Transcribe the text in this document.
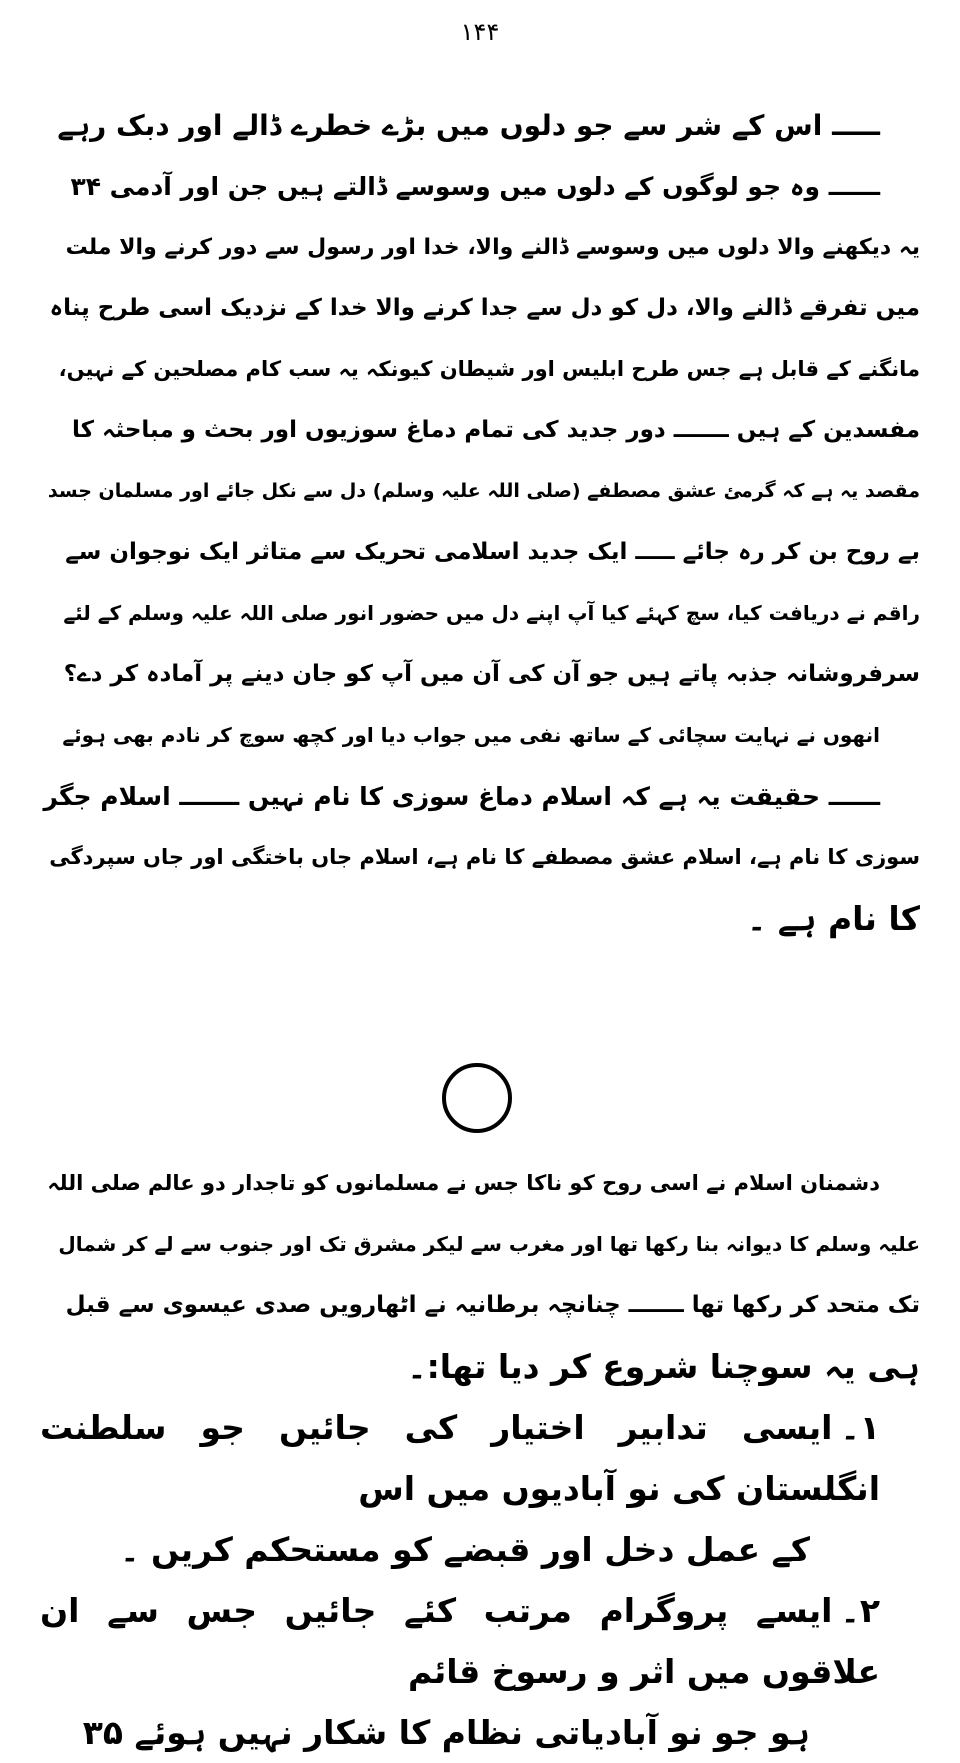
۱۴۴
ـــــ اس کے شر سے جو دلوں میں بڑے خطرے ڈالے اور دبک رہے
ــــــ وہ جو لوگوں کے دلوں میں وسوسے ڈالتے ہیں جن اور آدمی ۳۴
یہ دیکھنے والا دلوں میں وسوسے ڈالنے والا، خدا اور رسول سے دور کرنے والا ملت
میں تفرقے ڈالنے والا، دل کو دل سے جدا کرنے والا خدا کے نزدیک اسی طرح پناہ
مانگنے کے قابل ہے جس طرح ابلیس اور شیطان کیونکہ یہ سب کام مصلحین کے نہیں،
مفسدین کے ہیں ـــــــ دور جدید کی تمام دماغ سوزیوں اور بحث و مباحثہ کا
مقصد یہ ہے کہ گرمئ عشق مصطفے (صلی اللہ علیہ وسلم) دل سے نکل جائے اور مسلمان جسد
بے روح بن کر رہ جائے ـــــ ایک جدید اسلامی تحریک سے متاثر ایک نوجوان سے
راقم نے دریافت کیا، سچ کہئے کیا آپ اپنے دل میں حضور انور صلی اللہ علیہ وسلم کے لئے
سرفروشانہ جذبہ پاتے ہیں جو آن کی آن میں آپ کو جان دینے پر آمادہ کر دے؟
انھوں نے نہایت سچائی کے ساتھ نفی میں جواب دیا اور کچھ سوچ کر نادم بھی ہوئے
ــــــ حقیقت یہ ہے کہ اسلام دماغ سوزی کا نام نہیں ـــــــ اسلام جگر
سوزی کا نام ہے، اسلام عشق مصطفے کا نام ہے، اسلام جاں باختگی اور جاں سپردگی
کا نام ہے ۔
دشمنان اسلام نے اسی روح کو ناکا جس نے مسلمانوں کو تاجدار دو عالم صلی اللہ
علیہ وسلم کا دیوانہ بنا رکھا تھا اور مغرب سے لیکر مشرق تک اور جنوب سے لے کر شمال
تک متحد کر رکھا تھا ـــــــ چنانچہ برطانیہ نے اٹھارویں صدی عیسوی سے قبل
ہی یہ سوچنا شروع کر دیا تھا:۔
۱۔ایسی تدابیر اختیار کی جائیں جو سلطنت انگلستان کی نو آبادیوں میں اس
کے عمل دخل اور قبضے کو مستحکم کریں ۔
۲۔ایسے پروگرام مرتب کئے جائیں جس سے ان علاقوں میں اثر و رسوخ قائم
ہو جو نو آبادیاتی نظام کا شکار نہیں ہوئے ۳۵
